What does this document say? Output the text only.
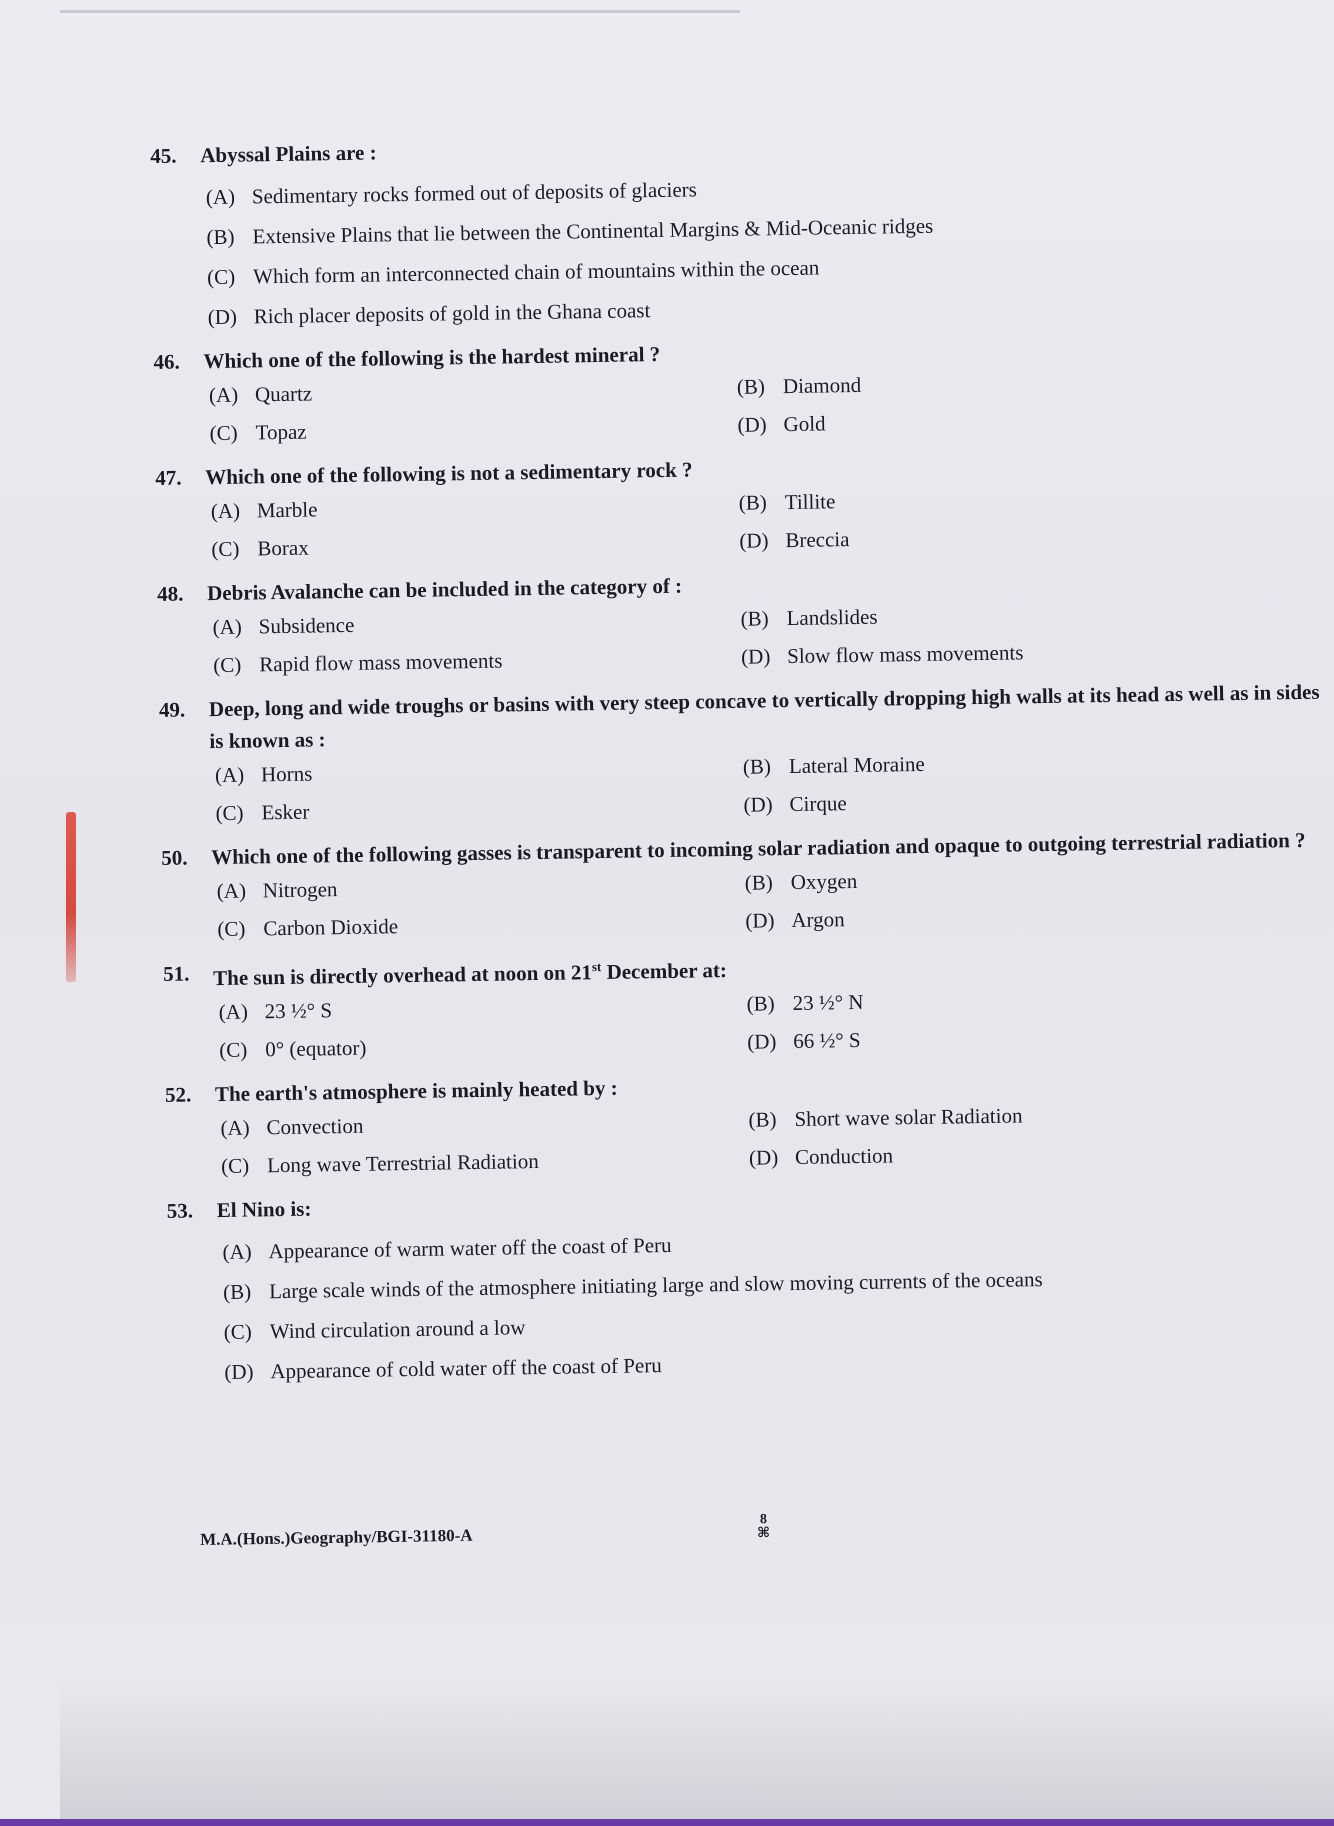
45.	Abyssal Plains are :
(A) Sedimentary rocks formed out of deposits of glaciers
(B) Extensive Plains that lie between the Continental Margins & Mid-Oceanic ridges
(C) Which form an interconnected chain of mountains within the ocean
(D) Rich placer deposits of gold in the Ghana coast
46.	Which one of the following is the hardest mineral ?
(A) Quartz	(B) Diamond
(C) Topaz	(D) Gold
47.	Which one of the following is not a sedimentary rock ?
(A) Marble	(B) Tillite
(C) Borax	(D) Breccia
48.	Debris Avalanche can be included in the category of :
(A) Subsidence	(B) Landslides
(C) Rapid flow mass movements	(D) Slow flow mass movements
49.	Deep, long and wide troughs or basins with very steep concave to vertically dropping high walls at its head as well as in sides is known as :
(A) Horns	(B) Lateral Moraine
(C) Esker	(D) Cirque
50.	Which one of the following gasses is transparent to incoming solar radiation and opaque to outgoing terrestrial radiation ?
(A) Nitrogen	(B) Oxygen
(C) Carbon Dioxide	(D) Argon
51.	The sun is directly overhead at noon on 21st December at:
(A) 23 ½° S	(B) 23 ½° N
(C) 0° (equator)	(D) 66 ½° S
52.	The earth's atmosphere is mainly heated by :
(A) Convection	(B) Short wave solar Radiation
(C) Long wave Terrestrial Radiation	(D) Conduction
53.	El Nino is:
(A) Appearance of warm water off the coast of Peru
(B) Large scale winds of the atmosphere initiating large and slow moving currents of the oceans
(C) Wind circulation around a low
(D) Appearance of cold water off the coast of Peru
M.A.(Hons.)Geography/BGI-31180-A
8
⌘
